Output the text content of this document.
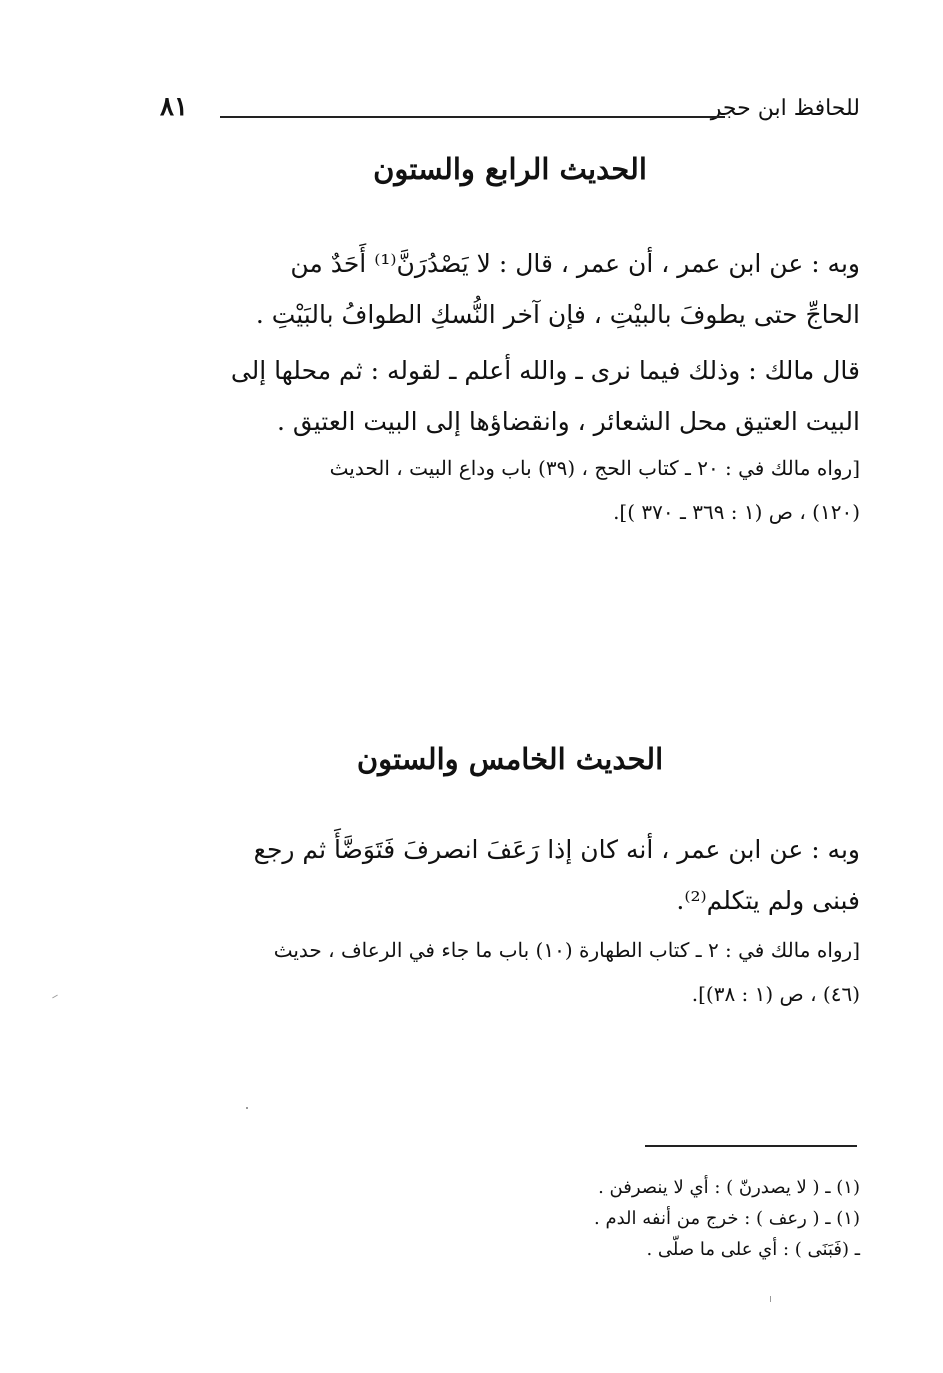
للحافظ ابن حجر
٨١
الحديث الرابع والستون
وبه : عن ابن عمر ، أن عمر ، قال : لا يَصْدُرَنَّ⁽¹⁾ أَحَدٌ من
الحاجِّ حتى يطوفَ بالبيْتِ ، فإن آخر النُّسكِ الطوافُ بالبَيْتِ .
قال مالك : وذلك فيما نرى ـ والله أعلم ـ لقوله : ثم محلها إلى
البيت العتيق محل الشعائر ، وانقضاؤها إلى البيت العتيق .
[رواه مالك في : ٢٠ ـ كتاب الحج ، (٣٩) باب وداع البيت ، الحديث
(١٢٠) ، ص (١ : ٣٦٩ ـ ٣٧٠ )].
الحديث الخامس والستون
وبه : عن ابن عمر ، أنه كان إذا رَعَفَ انصرفَ فَتَوَضَّأَ ثم رجع
فبنى ولم يتكلم⁽²⁾.
[رواه مالك في : ٢ ـ كتاب الطهارة (١٠) باب ما جاء في الرعاف ، حديث
(٤٦) ، ص (١ : ٣٨)].
(١) ـ ( لا يصدرنّ ) : أي لا ينصرفن .
(١) ـ ( رعف ) : خرج من أنفه الدم .
ـ (فَبَنَى ) : أي على ما صلّى .
